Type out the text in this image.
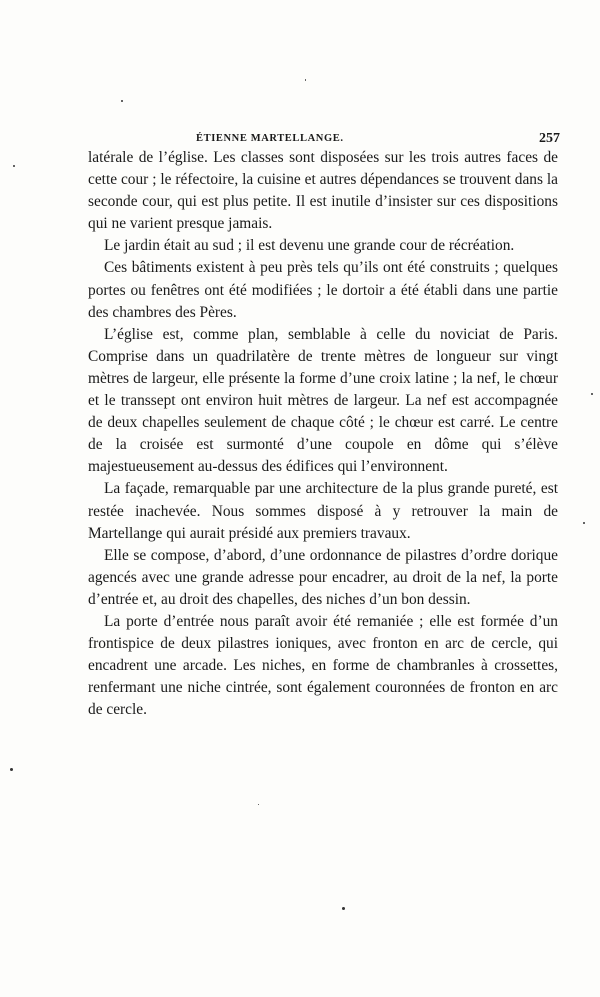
ÉTIENNE MARTELLANGE.	257

latérale de l’église. Les classes sont disposées sur les trois autres faces de cette cour ; le réfectoire, la cuisine et autres dépendances se trouvent dans la seconde cour, qui est plus petite. Il est inutile d’insister sur ces dispositions qui ne varient presque jamais.

Le jardin était au sud ; il est devenu une grande cour de récréation.

Ces bâtiments existent à peu près tels qu’ils ont été construits ; quelques portes ou fenêtres ont été modifiées ; le dortoir a été établi dans une partie des chambres des Pères.

L’église est, comme plan, semblable à celle du noviciat de Paris. Comprise dans un quadrilatère de trente mètres de longueur sur vingt mètres de largeur, elle présente la forme d’une croix latine ; la nef, le chœur et le transsept ont environ huit mètres de largeur. La nef est accompagnée de deux chapelles seulement de chaque côté ; le chœur est carré. Le centre de la croisée est surmonté d’une coupole en dôme qui s’élève majestueusement au-dessus des édifices qui l’environnent.

La façade, remarquable par une architecture de la plus grande pureté, est restée inachevée. Nous sommes disposé à y retrouver la main de Martellange qui aurait présidé aux premiers travaux.

Elle se compose, d’abord, d’une ordonnance de pilastres d’ordre dorique agencés avec une grande adresse pour encadrer, au droit de la nef, la porte d’entrée et, au droit des chapelles, des niches d’un bon dessin.

La porte d’entrée nous paraît avoir été remaniée ; elle est formée d’un frontispice de deux pilastres ioniques, avec fronton en arc de cercle, qui encadrent une arcade. Les niches, en forme de chambranles à crossettes, renfermant une niche cintrée, sont également couronnées de fronton en arc de cercle.
